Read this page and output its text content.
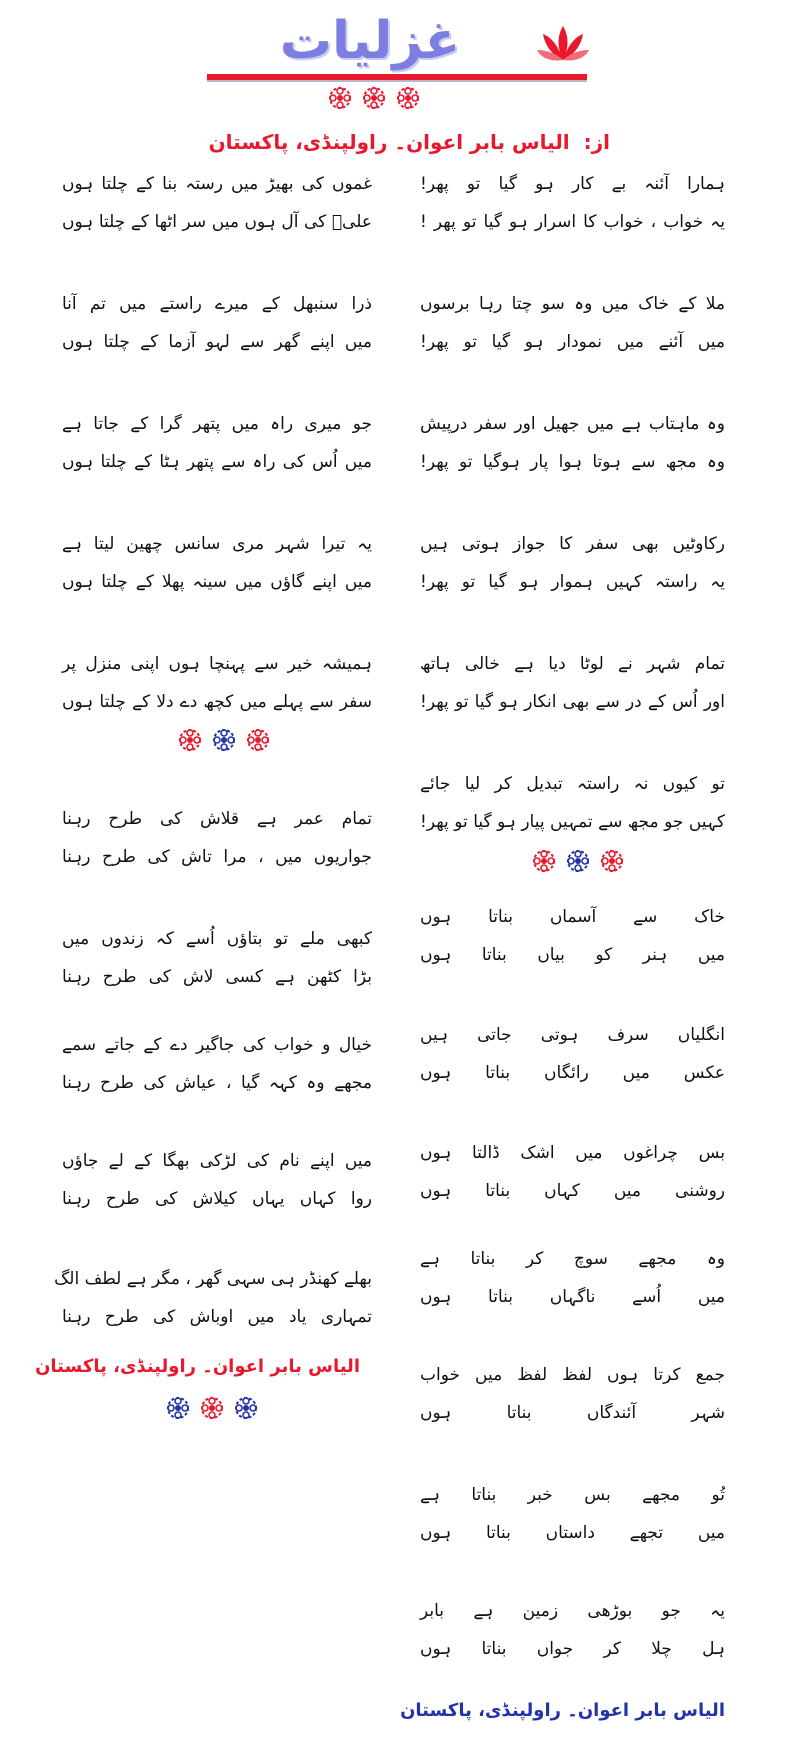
غزلیات
از:الیاس بابر اعوان۔ راولپنڈی، پاکستان
ہمارا آئنہ بے کار ہو گیا تو پھر!
یہ خواب ، خواب کا اسرار ہو گیا تو پھر !
ملا کے خاک میں وہ سو چتا رہا برسوں
میں آئنے میں نمودار ہو گیا تو پھر!
وہ ماہتاب ہے میں جھیل اور سفر درپیش
وہ مجھ سے ہوتا ہوا پار ہوگیا تو پھر!
رکاوٹیں بھی سفر کا جواز ہوتی ہیں
یہ راستہ کہیں ہموار ہو گیا تو پھر!
تمام شہر نے لوٹا دیا ہے خالی ہاتھ
اور اُس کے در سے بھی انکار ہو گیا تو پھر!
تو کیوں نہ راستہ تبدیل کر لیا جائے
کہیں جو مجھ سے تمہیں پیار ہو گیا تو پھر!
خاک
سے
آسماں
بناتا
ہوں
میں
ہنر
کو
بیاں
بناتا
ہوں
انگلیاں
سرف
ہوتی
جاتی
ہیں
عکس
میں
رائگاں
بناتا
ہوں
بس
چراغوں
میں
اشک
ڈالتا
ہوں
روشنی
میں
کہاں
بناتا
ہوں
وہ
مجھے
سوچ
کر
بناتا
ہے
میں
اُسے
ناگہاں
بناتا
ہوں
جمع
کرتا
ہوں
لفظ
لفظ
میں
خواب
شہر
آئندگاں
بناتا
ہوں
تُو
مجھے
بس
خبر
بناتا
ہے
میں
تجھے
داستاں
بناتا
ہوں
یہ
جو
بوڑھی
زمین
ہے
بابر
ہل
چلا
کر
جواں
بناتا
ہوں
غموں کی بھیڑ میں رستہ بنا کے چلتا ہوں
علیؑ کی آل ہوں میں سر اٹھا کے چلتا ہوں
ذرا سنبھل کے میرے راستے میں تم آنا
میں اپنے گھر سے لہو آزما کے چلتا ہوں
جو میری راہ میں پتھر گرا کے جاتا ہے
میں اُس کی راہ سے پتھر ہٹا کے چلتا ہوں
یہ تیرا شہر مری سانس چھین لیتا ہے
میں اپنے گاؤں میں سینہ پھلا کے چلتا ہوں
ہمیشہ خیر سے پہنچا ہوں اپنی منزل پر
سفر سے پہلے میں کچھ دے دلا کے چلتا ہوں
تمام عمر ہے قلاش کی طرح رہنا
جواریوں میں ، مرا تاش کی طرح رہنا
کبھی ملے تو بتاؤں اُسے کہ زندوں میں
بڑا کٹھن ہے کسی لاش کی طرح رہنا
خیال و خواب کی جاگیر دے کے جاتے سمے
مجھے وہ کہہ گیا ، عیاش کی طرح رہنا
میں اپنے نام کی لڑکی بھگا کے لے جاؤں
روا کہاں یہاں کیلاش کی طرح رہنا
بھلے کھنڈر ہی سہی گھر ، مگر ہے لطف الگ
تمہاری یاد میں اوباش کی طرح رہنا
الیاس بابر اعوان۔ راولپنڈی، پاکستان
الیاس بابر اعوان۔ راولپنڈی، پاکستان
